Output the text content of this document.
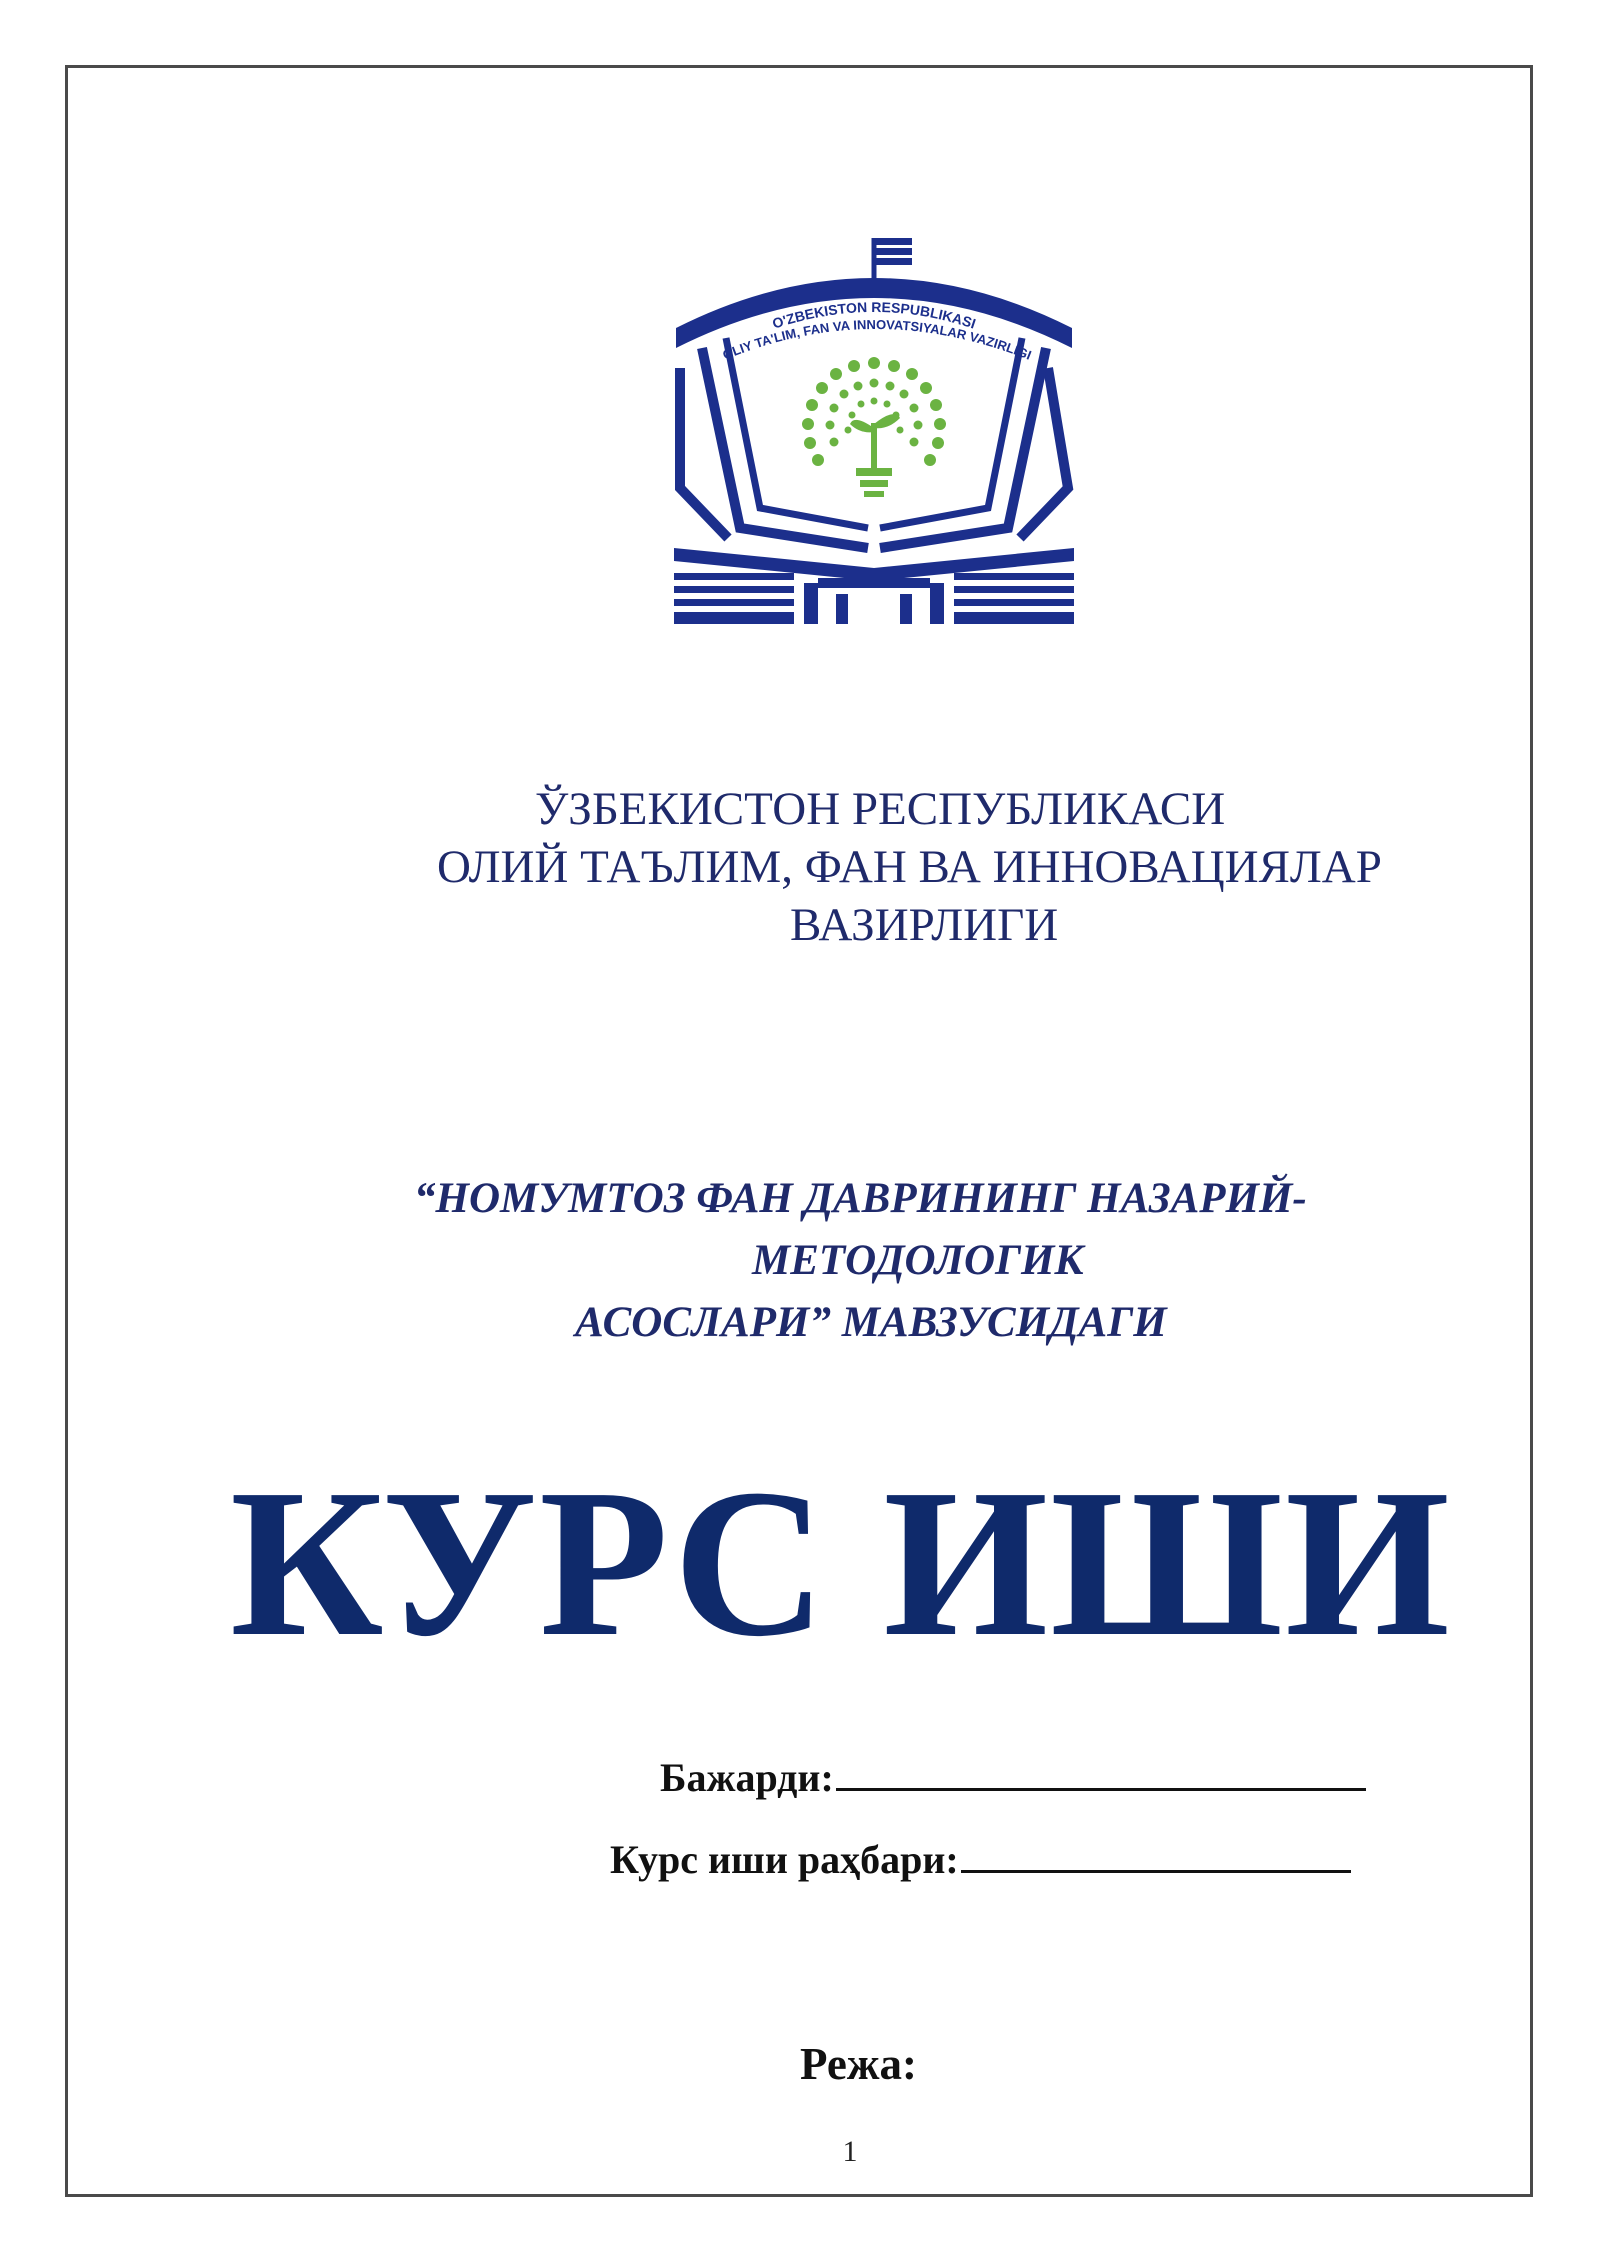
O'ZBEKISTON RESPUBLIKASI
OLIY TA'LIM, FAN VA INNOVATSIYALAR VAZIRLIGI
ЎЗБЕКИСТОН РЕСПУБЛИКАСИ
ОЛИЙ ТАЪЛИМ, ФАН ВА ИННОВАЦИЯЛАР
ВАЗИРЛИГИ
“НОМУМТОЗ ФАН ДАВРИНИНГ НАЗАРИЙ-
МЕТОДОЛОГИК
АСОСЛАРИ” МАВЗУСИДАГИ
КУРС ИШИ
Бажарди:
Курс иши раҳбари:
Режа:
1
